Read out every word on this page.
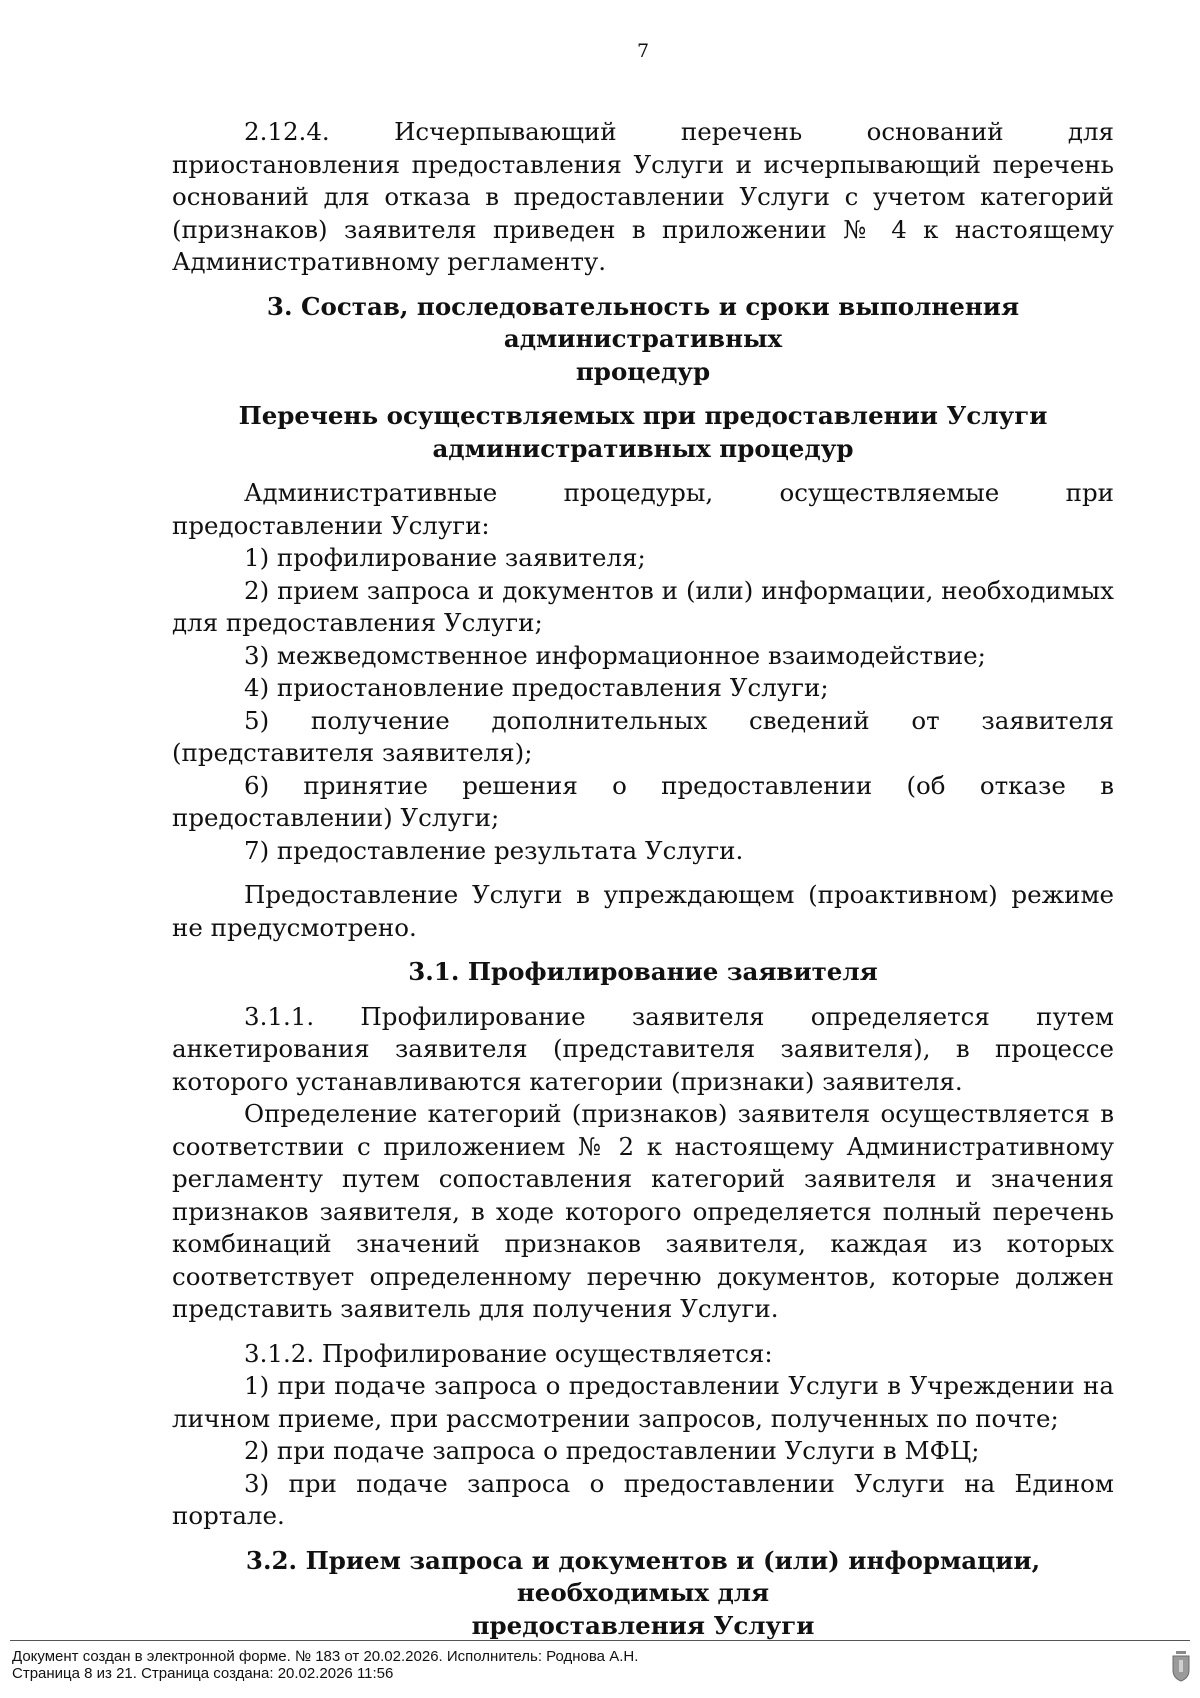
7

2.12.4. Исчерпывающий перечень оснований для приостановления предоставления Услуги и исчерпывающий перечень оснований для отказа в предоставлении Услуги с учетом категорий (признаков) заявителя приведен в приложении № 4 к настоящему Административному регламенту.

3. Состав, последовательность и сроки выполнения административных
процедур
Перечень осуществляемых при предоставлении Услуги
административных процедур

Административные процедуры, осуществляемые при предоставлении Услуги:

1) профилирование заявителя;

2) прием запроса и документов и (или) информации, необходимых для предоставления Услуги;

3) межведомственное информационное взаимодействие;

4) приостановление предоставления Услуги;

5) получение дополнительных сведений от заявителя (представителя заявителя);

6) принятие решения о предоставлении (об отказе в предоставлении) Услуги;

7) предоставление результата Услуги.

Предоставление Услуги в упреждающем (проактивном) режиме не предусмотрено.

3.1. Профилирование заявителя

3.1.1. Профилирование заявителя определяется путем анкетирования заявителя (представителя заявителя), в процессе которого устанавливаются категории (признаки) заявителя.

Определение категорий (признаков) заявителя осуществляется в соответствии с приложением № 2 к настоящему Административному регламенту путем сопоставления категорий заявителя и значения признаков заявителя, в ходе которого определяется полный перечень комбинаций значений признаков заявителя, каждая из которых соответствует определенному перечню документов, которые должен представить заявитель для получения Услуги.

3.1.2. Профилирование осуществляется:

1) при подаче запроса о предоставлении Услуги в Учреждении на личном приеме, при рассмотрении запросов, полученных по почте;

2) при подаче запроса о предоставлении Услуги в МФЦ;

3) при подаче запроса о предоставлении Услуги на Едином портале.

3.2. Прием запроса и документов и (или) информации, необходимых для
предоставления Услуги
Документ создан в электронной форме. № 183 от 20.02.2026. Исполнитель: Роднова А.Н.
Страница 8 из 21. Страница создана: 20.02.2026 11:56
